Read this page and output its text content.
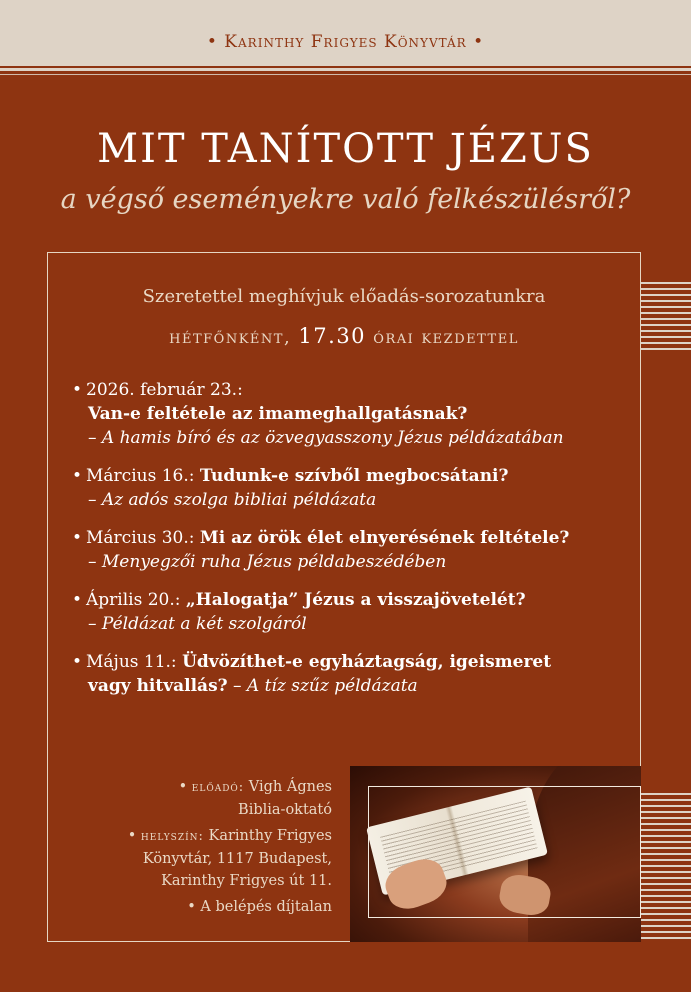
• Karinthy Frigyes Könyvtár •
MIT TANÍTOTT JÉZUS
a végső eseményekre való felkészülésről?
Szeretettel meghívjuk előadás-sorozatunkra
hétfőnként, 17.30 órai kezdettel
• 2026. február 23.:
Van-e feltétele az imameghallgatásnak?
– A hamis bíró és az özvegyasszony Jézus példázatában
• Március 16.: Tudunk-e szívből megbocsátani?
– Az adós szolga bibliai példázata
• Március 30.: Mi az örök élet elnyerésének feltétele?
– Menyegzői ruha Jézus példabeszédében
• Április 20.: „Halogatja” Jézus a visszajövetelét?
– Példázat a két szolgáról
• Május 11.: Üdvözíthet-e egyháztagság, igeismeret
vagy hitvallás? – A tíz szűz példázata

• előadó: Vigh Ágnes
Biblia-oktató

• helyszín: Karinthy Frigyes
Könyvtár, 1117 Budapest,
Karinthy Frigyes út 11.

• A belépés díjtalan
